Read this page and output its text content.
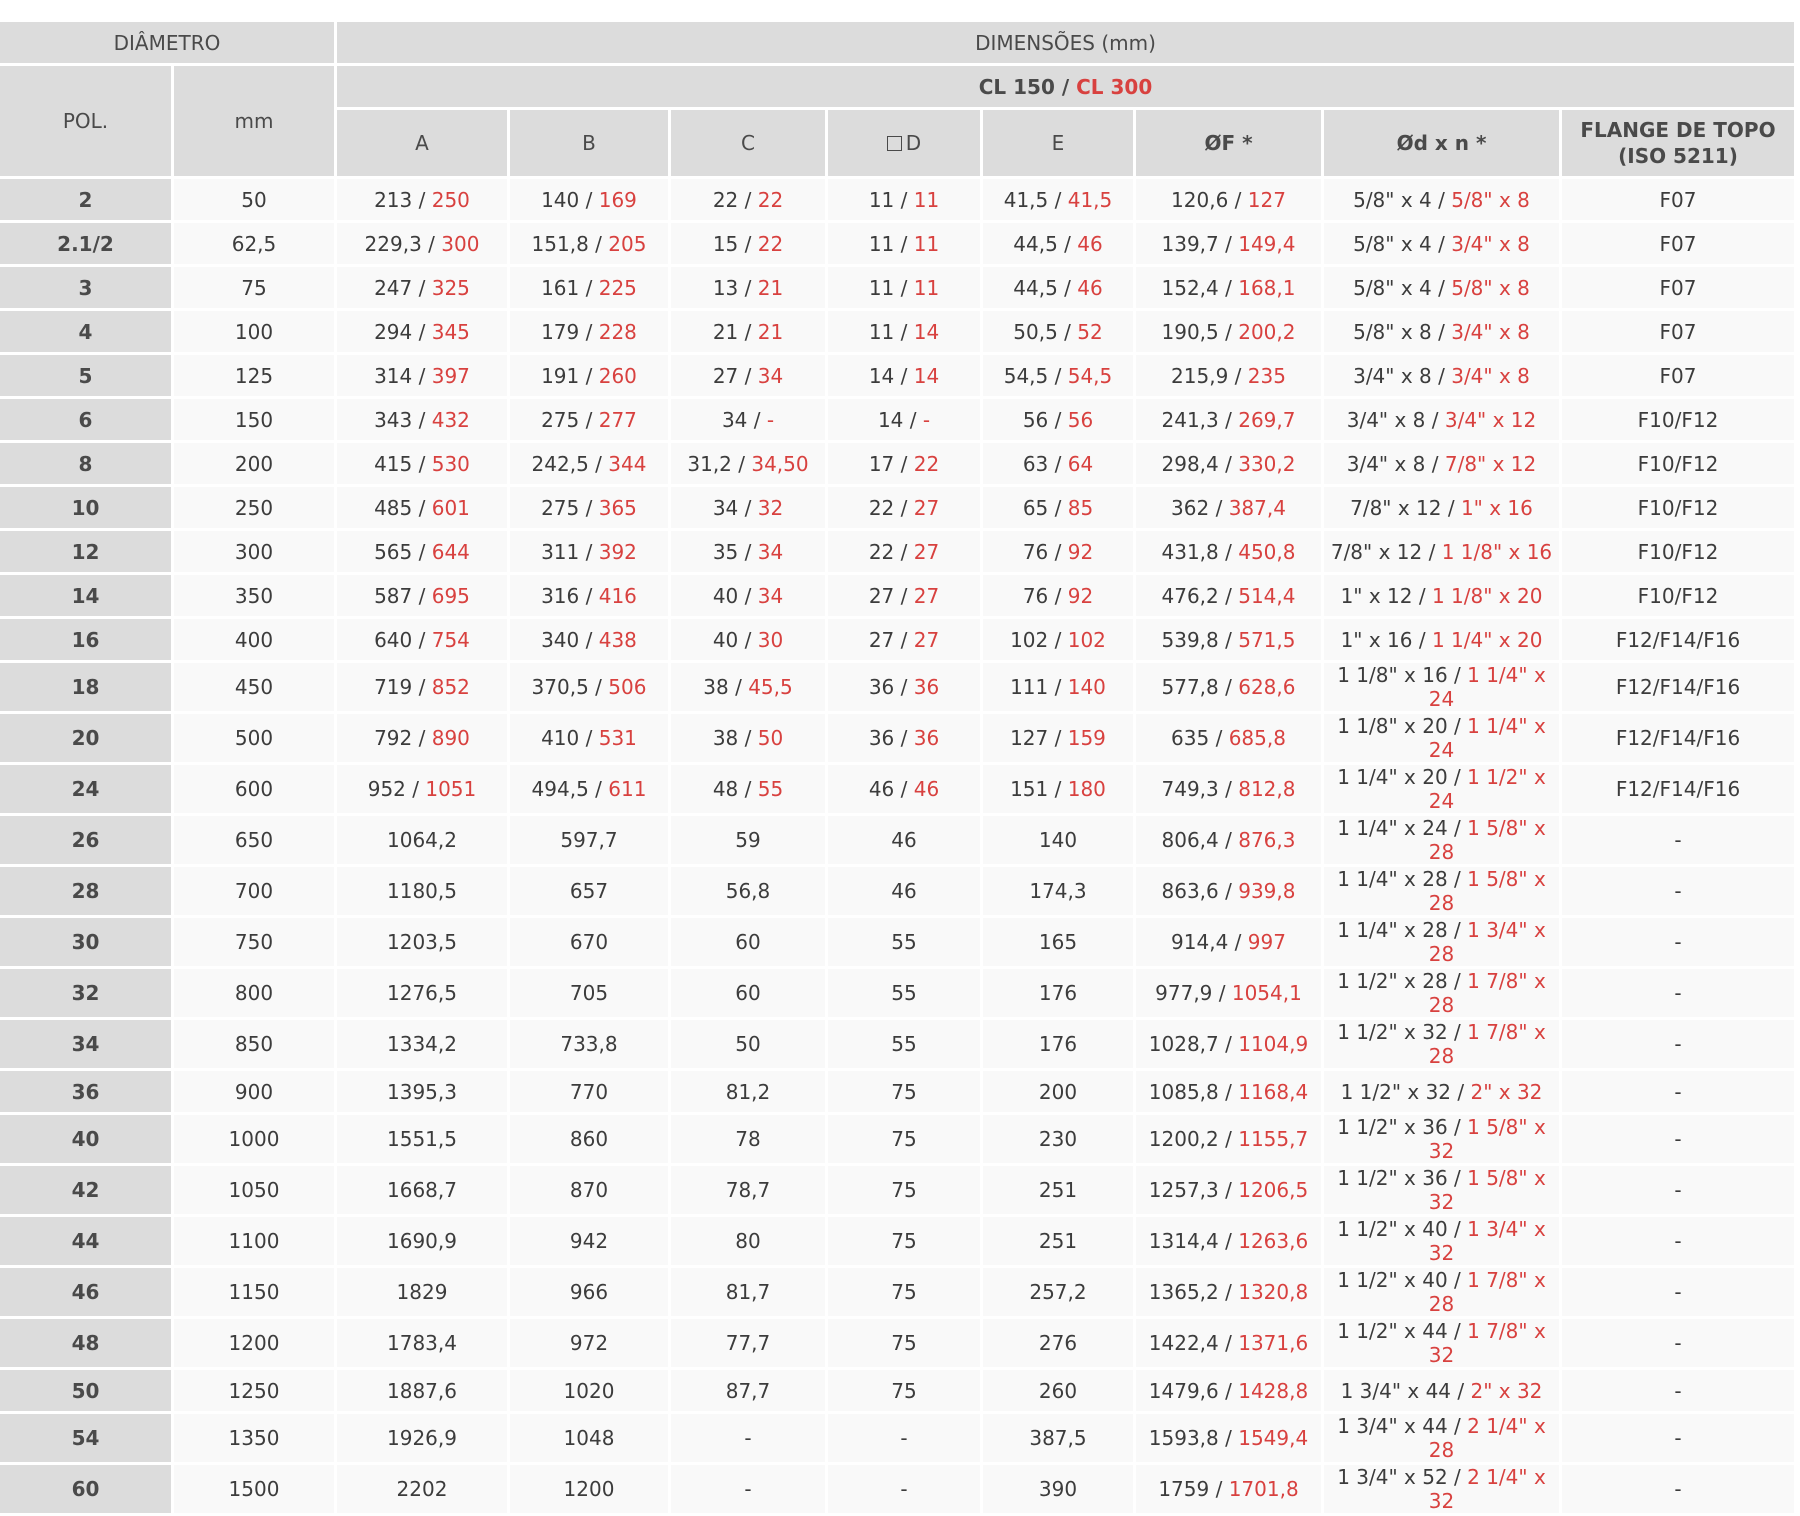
DIÂMETRO		DIMENSÕES (mm)							
POL.	mm	CL 150 / CL 300							
		A	B	C	D	E	ØF *	Ød x n *	FLANGE DE TOPO (ISO 5211)
2	50	213 / 250	140 / 169	22 / 22	11 / 11	41,5 / 41,5	120,6 / 127	5/8" x 4 / 5/8" x 8	F07
2.1/2	62,5	229,3 / 300	151,8 / 205	15 / 22	11 / 11	44,5 / 46	139,7 / 149,4	5/8" x 4 / 3/4" x 8	F07
3	75	247 / 325	161 / 225	13 / 21	11 / 11	44,5 / 46	152,4 / 168,1	5/8" x 4 / 5/8" x 8	F07
4	100	294 / 345	179 / 228	21 / 21	11 / 14	50,5 / 52	190,5 / 200,2	5/8" x 8 / 3/4" x 8	F07
5	125	314 / 397	191 / 260	27 / 34	14 / 14	54,5 / 54,5	215,9 / 235	3/4" x 8 / 3/4" x 8	F07
6	150	343 / 432	275 / 277	34 / -	14 / -	56 / 56	241,3 / 269,7	3/4" x 8 / 3/4" x 12	F10/F12
8	200	415 / 530	242,5 / 344	31,2 / 34,50	17 / 22	63 / 64	298,4 / 330,2	3/4" x 8 / 7/8" x 12	F10/F12
10	250	485 / 601	275 / 365	34 / 32	22 / 27	65 / 85	362 / 387,4	7/8" x 12 / 1" x 16	F10/F12
12	300	565 / 644	311 / 392	35 / 34	22 / 27	76 / 92	431,8 / 450,8	7/8" x 12 / 1 1/8" x 16	F10/F12
14	350	587 / 695	316 / 416	40 / 34	27 / 27	76 / 92	476,2 / 514,4	1" x 12 / 1 1/8" x 20	F10/F12
16	400	640 / 754	340 / 438	40 / 30	27 / 27	102 / 102	539,8 / 571,5	1" x 16 / 1 1/4" x 20	F12/F14/F16
18	450	719 / 852	370,5 / 506	38 / 45,5	36 / 36	111 / 140	577,8 / 628,6	1 1/8" x 16 / 1 1/4" x 24	F12/F14/F16
20	500	792 / 890	410 / 531	38 / 50	36 / 36	127 / 159	635 / 685,8	1 1/8" x 20 / 1 1/4" x 24	F12/F14/F16
24	600	952 / 1051	494,5 / 611	48 / 55	46 / 46	151 / 180	749,3 / 812,8	1 1/4" x 20 / 1 1/2" x 24	F12/F14/F16
26	650	1064,2	597,7	59	46	140	806,4 / 876,3	1 1/4" x 24 / 1 5/8" x 28	-
28	700	1180,5	657	56,8	46	174,3	863,6 / 939,8	1 1/4" x 28 / 1 5/8" x 28	-
30	750	1203,5	670	60	55	165	914,4 / 997	1 1/4" x 28 / 1 3/4" x 28	-
32	800	1276,5	705	60	55	176	977,9 / 1054,1	1 1/2" x 28 / 1 7/8" x 28	-
34	850	1334,2	733,8	50	55	176	1028,7 / 1104,9	1 1/2" x 32 / 1 7/8" x 28	-
36	900	1395,3	770	81,2	75	200	1085,8 / 1168,4	1 1/2" x 32 / 2" x 32	-
40	1000	1551,5	860	78	75	230	1200,2 / 1155,7	1 1/2" x 36 / 1 5/8" x 32	-
42	1050	1668,7	870	78,7	75	251	1257,3 / 1206,5	1 1/2" x 36 / 1 5/8" x 32	-
44	1100	1690,9	942	80	75	251	1314,4 / 1263,6	1 1/2" x 40 / 1 3/4" x 32	-
46	1150	1829	966	81,7	75	257,2	1365,2 / 1320,8	1 1/2" x 40 / 1 7/8" x 28	-
48	1200	1783,4	972	77,7	75	276	1422,4 / 1371,6	1 1/2" x 44 / 1 7/8" x 32	-
50	1250	1887,6	1020	87,7	75	260	1479,6 / 1428,8	1 3/4" x 44 / 2" x 32	-
54	1350	1926,9	1048	-	-	387,5	1593,8 / 1549,4	1 3/4" x 44 / 2 1/4" x 28	-
60	1500	2202	1200	-	-	390	1759 / 1701,8	1 3/4" x 52 / 2 1/4" x 32	-
